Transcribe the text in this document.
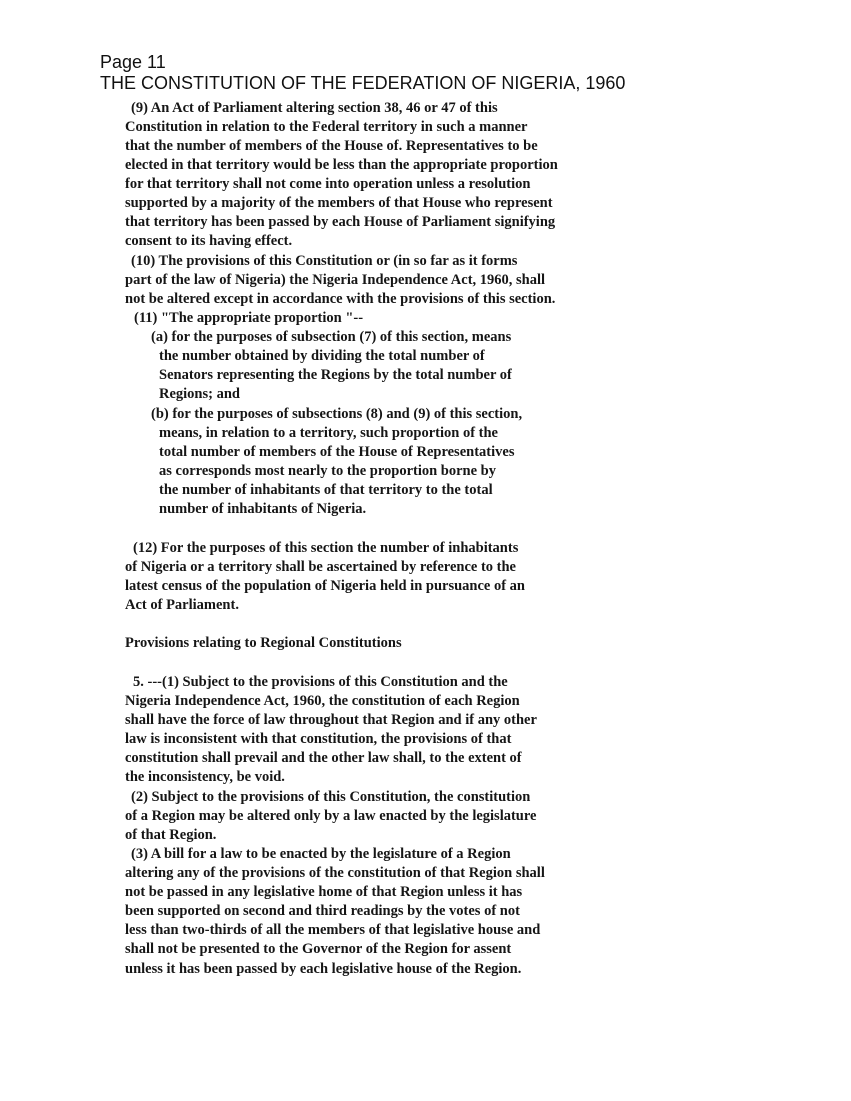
Page 11
THE CONSTITUTION OF THE FEDERATION OF NIGERIA, 1960
(9) An Act of Parliament altering section 38, 46 or 47 of this
Constitution in relation to the Federal territory in such a manner
that the number of members of the House of. Representatives to be
elected in that territory would be less than the appropriate proportion
for that territory shall not come into operation unless a resolution
supported by a majority of the members of that House who represent
that territory has been passed by each House of Parliament signifying
consent to its having effect.
(10) The provisions of this Constitution or (in so far as it forms
part of the law of Nigeria) the Nigeria Independence Act, 1960, shall
not be altered except in accordance with the provisions of this section.
(11) "The appropriate proportion "--
(a) for the purposes of subsection (7) of this section, means
the number obtained by dividing the total number of
Senators representing the Regions by the total number of
Regions; and
(b) for the purposes of subsections (8) and (9) of this section,
means, in relation to a territory, such proportion of the
total number of members of the House of Representatives
as corresponds most nearly to the proportion borne by
the number of inhabitants of that territory to the total
number of inhabitants of Nigeria.
(12) For the purposes of this section the number of inhabitants
of Nigeria or a territory shall be ascertained by reference to the
latest census of the population of Nigeria held in pursuance of an
Act of Parliament.
Provisions relating to Regional Constitutions
5. ---(1) Subject to the provisions of this Constitution and the
Nigeria Independence Act, 1960, the constitution of each Region
shall have the force of law throughout that Region and if any other
law is inconsistent with that constitution, the provisions of that
constitution shall prevail and the other law shall, to the extent of
the inconsistency, be void.
(2) Subject to the provisions of this Constitution, the constitution
of a Region may be altered only by a law enacted by the legislature
of that Region.
(3) A bill for a law to be enacted by the legislature of a Region
altering any of the provisions of the constitution of that Region shall
not be passed in any legislative home of that Region unless it has
been supported on second and third readings by the votes of not
less than two-thirds of all the members of that legislative house and
shall not be presented to the Governor of the Region for assent
unless it has been passed by each legislative house of the Region.
